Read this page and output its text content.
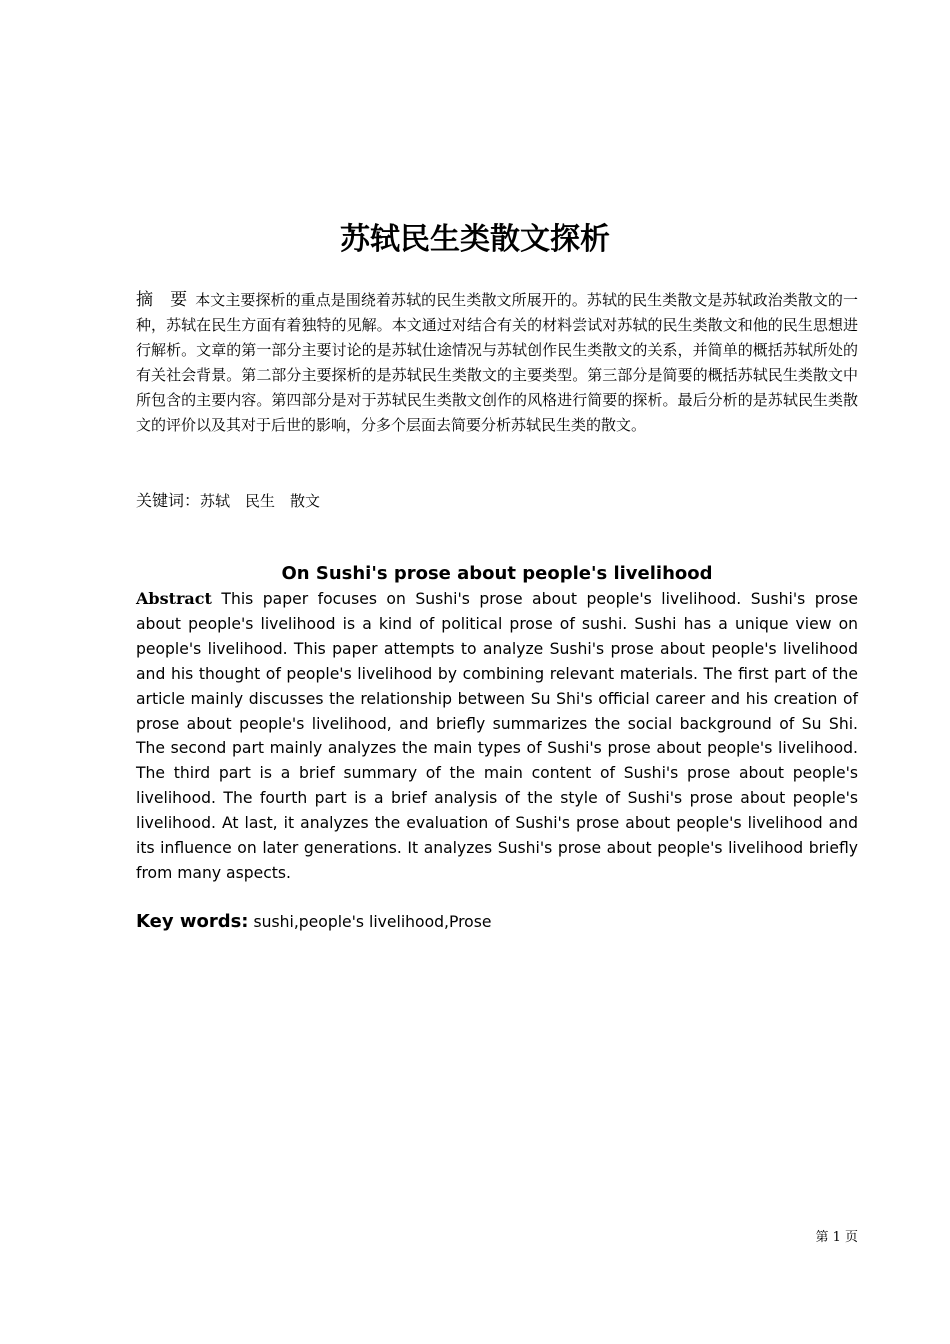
苏轼民生类散文探析

摘　要 本文主要探析的重点是围绕着苏轼的民生类散文所展开的。苏轼的民生类散文是苏轼政治类散文的一种，苏轼在民生方面有着独特的见解。本文通过对结合有关的材料尝试对苏轼的民生类散文和他的民生思想进行解析。文章的第一部分主要讨论的是苏轼仕途情况与苏轼创作民生类散文的关系，并简单的概括苏轼所处的有关社会背景。第二部分主要探析的是苏轼民生类散文的主要类型。第三部分是简要的概括苏轼民生类散文中所包含的主要内容。第四部分是对于苏轼民生类散文创作的风格进行简要的探析。最后分析的是苏轼民生类散文的评价以及其对于后世的影响，分多个层面去简要分析苏轼民生类的散文。

关键词：苏轼　民生　散文

On Sushi's prose about people's livelihood

Abstract This paper focuses on Sushi's prose about people's livelihood. Sushi's prose about people's livelihood is a kind of political prose of sushi. Sushi has a unique view on people's livelihood. This paper attempts to analyze Sushi's prose about people's livelihood and his thought of people's livelihood by combining relevant materials. The first part of the article mainly discusses the relationship between Su Shi's official career and his creation of prose about people's livelihood, and briefly summarizes the social background of Su Shi. The second part mainly analyzes the main types of Sushi's prose about people's livelihood. The third part is a brief summary of the main content of Sushi's prose about people's livelihood. The fourth part is a brief analysis of the style of Sushi's prose about people's livelihood. At last, it analyzes the evaluation of Sushi's prose about people's livelihood and its influence on later generations. It analyzes Sushi's prose about people's livelihood briefly from many aspects.

Key words: sushi,people's livelihood,Prose

第 1 页
